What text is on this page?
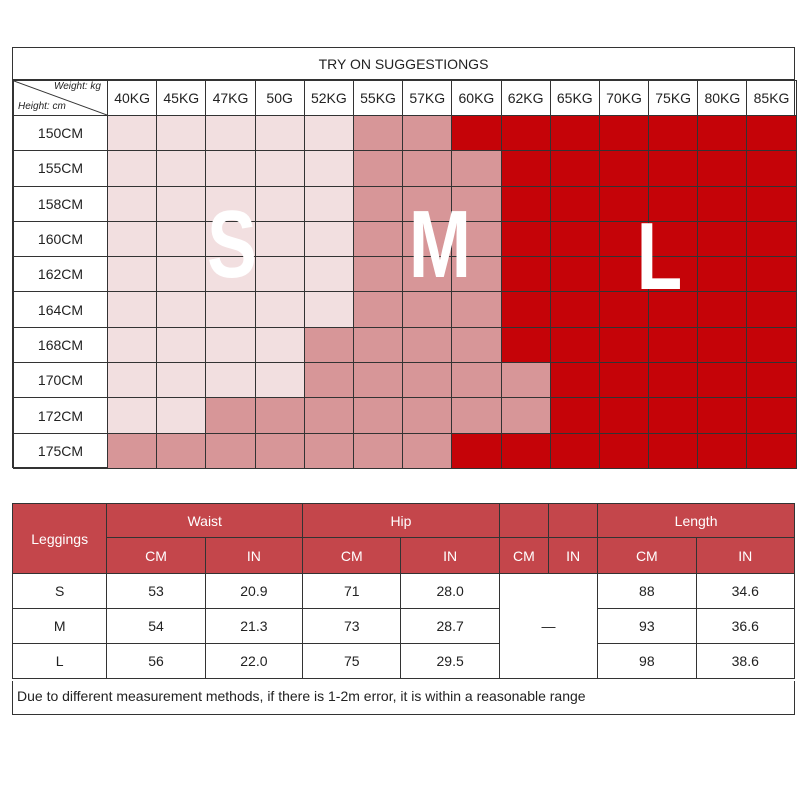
TRY ON SUGGESTIONGS
Weight: kg
Height: cm	40KG	45KG	47KG	50G	52KG	55KG	57KG	60KG	62KG	65KG	70KG	75KG	80KG	85KG
150CM														
155CM														
158CM														
160CM														
162CM														
164CM														
168CM														
170CM														
172CM														
175CM														
S M L
Leggings	Waist		Hip				Length	
	CM	IN	CM	IN	CM	IN	CM	IN
S	53	20.9	71	28.0	—		88	34.6
M	54	21.3	73	28.7			93	36.6
L	56	22.0	75	29.5			98	38.6
Due to different measurement methods, if there is 1-2m error, it is within a reasonable range
